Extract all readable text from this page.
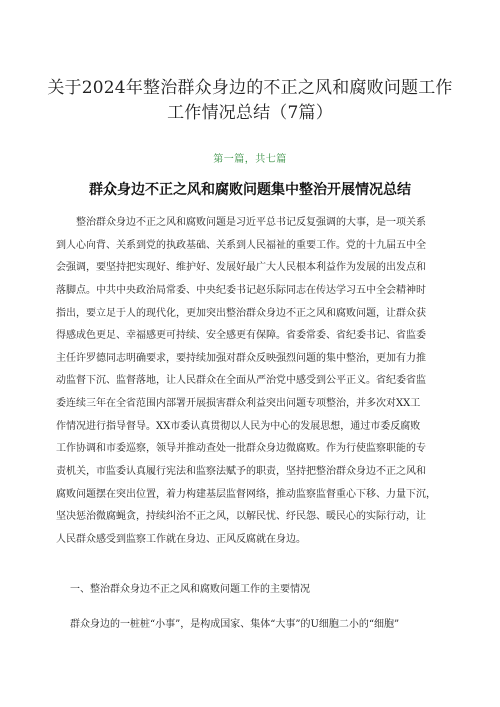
关于2024年整治群众身边的不正之风和腐败问题工作
工作情况总结（7篇）
第一篇，共七篇
群众身边不正之风和腐败问题集中整治开展情况总结
　　整治群众身边不正之风和腐败问题是习近平总书记反复强调的大事，是一项关系
到人心向背、关系到党的执政基础、关系到人民福祉的重要工作。党的十九届五中全
会强调，要坚持把实现好、维护好、发展好最广大人民根本利益作为发展的出发点和
落脚点。中共中央政治局常委、中央纪委书记赵乐际同志在传达学习五中全会精神时
指出，要立足于人的现代化，更加突出整治群众身边不正之风和腐败问题，让群众获
得感成色更足、幸福感更可持续、安全感更有保障。省委常委、省纪委书记、省监委
主任许罗德同志明确要求，要持续加强对群众反映强烈问题的集中整治，更加有力推
动监督下沉、监督落地，让人民群众在全面从严治党中感受到公平正义。省纪委省监
委连续三年在全省范围内部署开展损害群众利益突出问题专项整治，并多次对XX工
作情况进行指导督导。XX市委认真贯彻以人民为中心的发展思想，通过市委反腐败
工作协调和市委巡察，领导并推动查处一批群众身边微腐败。作为行使监察职能的专
责机关，市监委认真履行宪法和监察法赋予的职责，坚持把整治群众身边不正之风和
腐败问题摆在突出位置，着力构建基层监督网络，推动监察监督重心下移、力量下沉，
坚决惩治微腐蝇贪，持续纠治不正之风，以解民忧、纾民怨、暖民心的实际行动，让
人民群众感受到监察工作就在身边、正风反腐就在身边。
一、整治群众身边不正之风和腐败问题工作的主要情况
群众身边的一桩桩“小事”，是构成国家、集体“大事”的U细胞二小的“细胞”
